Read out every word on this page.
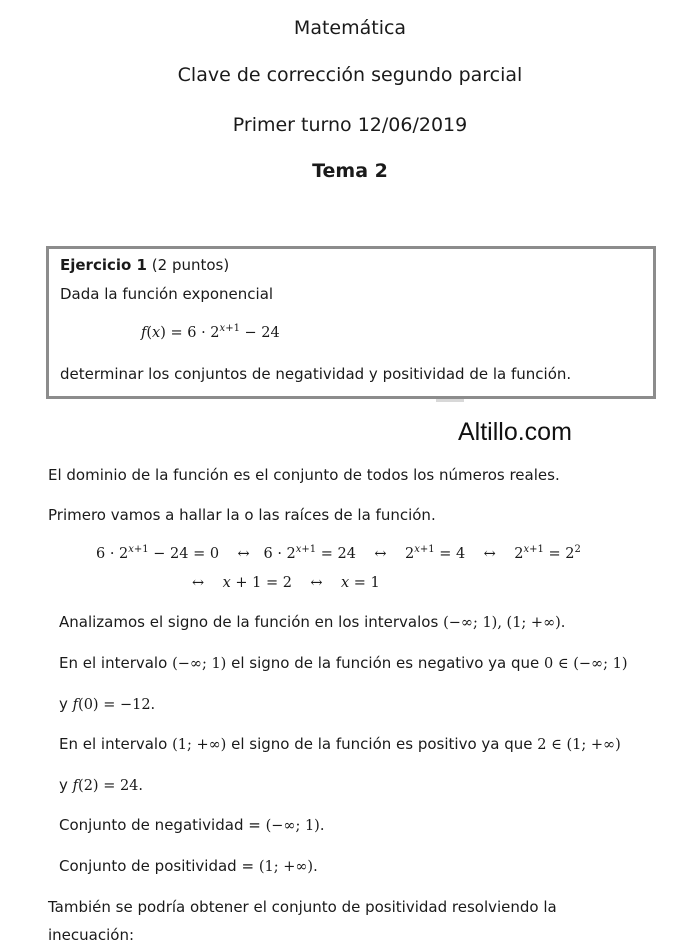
Matemática
Clave de corrección segundo parcial
Primer turno 12/06/2019
Tema 2
Ejercicio 1 (2 puntos)
Dada la función exponencial
$f(x) = 6 \cdot 2^{x+1} - 24$
determinar los conjuntos de negatividad y positividad de la función.
Altillo.com
El dominio de la función es el conjunto de todos los números reales.
Primero vamos a hallar la o las raíces de la función.
$6 \cdot 2^{x+1} - 24 = 0$    ↔   $6 \cdot 2^{x+1} = 24$    ↔    $2^{x+1} = 4$    ↔    $2^{x+1} = 2^2$
↔    x + 1 = 2    ↔    x = 1
Analizamos el signo de la función en los intervalos (−∞; 1), (1; +∞).
En el intervalo (−∞; 1) el signo de la función es negativo ya que 0 ∈ (−∞; 1)
y f(0) = −12.
En el intervalo (1; +∞) el signo de la función es positivo ya que 2 ∈ (1; +∞)
y f(2) = 24.
Conjunto de negatividad = (−∞; 1).
Conjunto de positividad = (1; +∞).
También se podría obtener el conjunto de positividad resolviendo la
inecuación:
